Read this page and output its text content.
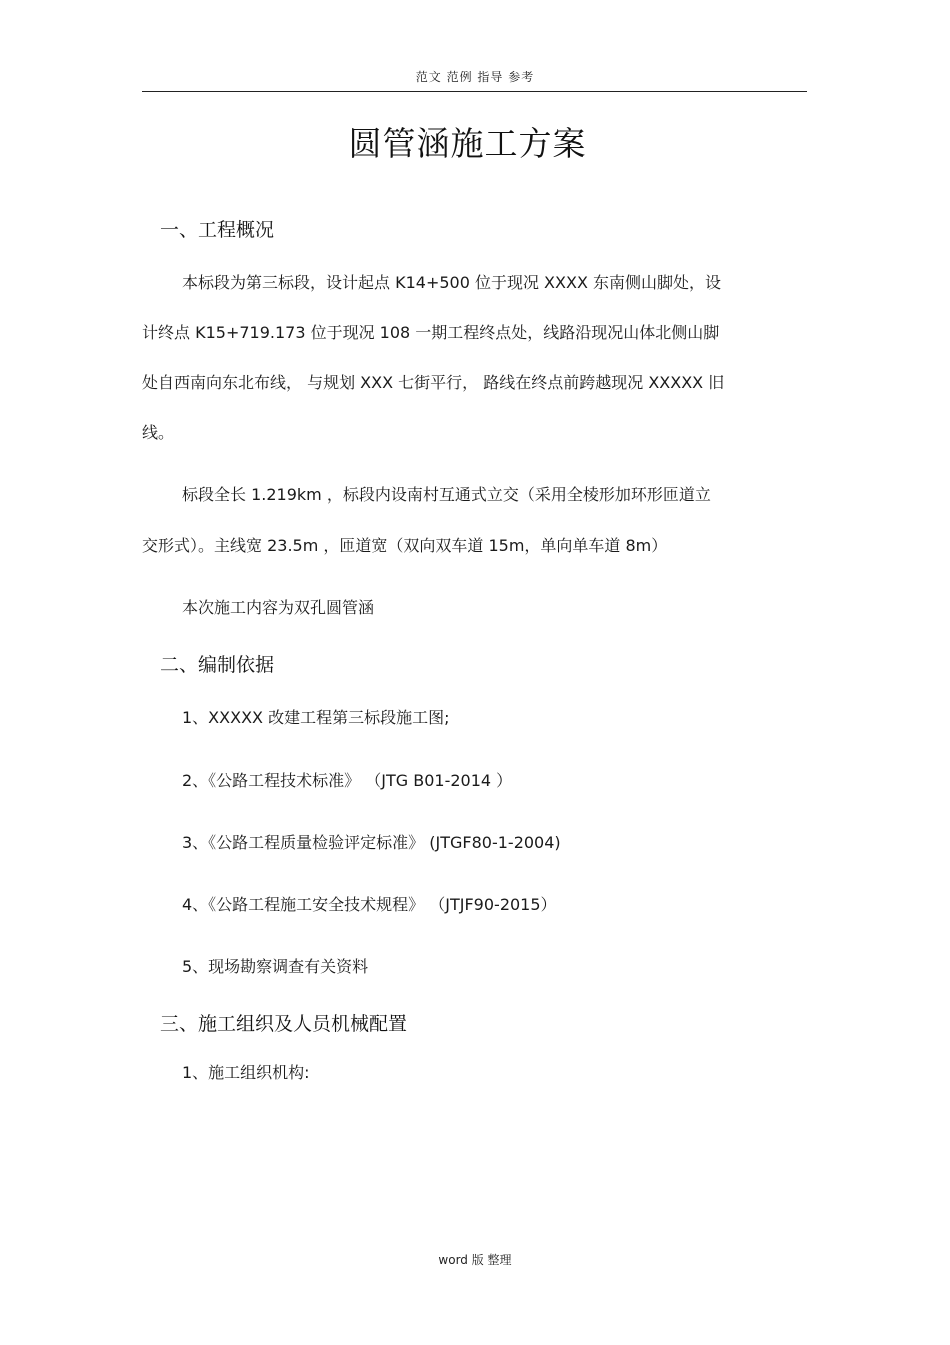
范文 范例 指导 参考
圆管涵施工方案
一、工程概况
本标段为第三标段，设计起点 K14+500 位于现况 XXXX 东南侧山脚处，设
计终点 K15+719.173 位于现况 108 一期工程终点处，线路沿现况山体北侧山脚
处自西南向东北布线， 与规划 XXX 七街平行， 路线在终点前跨越现况 XXXXX 旧
线。
标段全长 1.219km ，标段内设南村互通式立交（采用全棱形加环形匝道立
交形式）。主线宽 23.5m ，匝道宽（双向双车道 15m，单向单车道 8m）
本次施工内容为双孔圆管涵
二、编制依据
1、XXXXX 改建工程第三标段施工图;
2、《公路工程技术标准》 （JTG B01-2014 ）
3、《公路工程质量检验评定标准》 (JTGF80-1-2004)
4、《公路工程施工安全技术规程》 （JTJF90-2015）
5、现场勘察调查有关资料
三、施工组织及人员机械配置
1、施工组织机构:
word 版 整理
